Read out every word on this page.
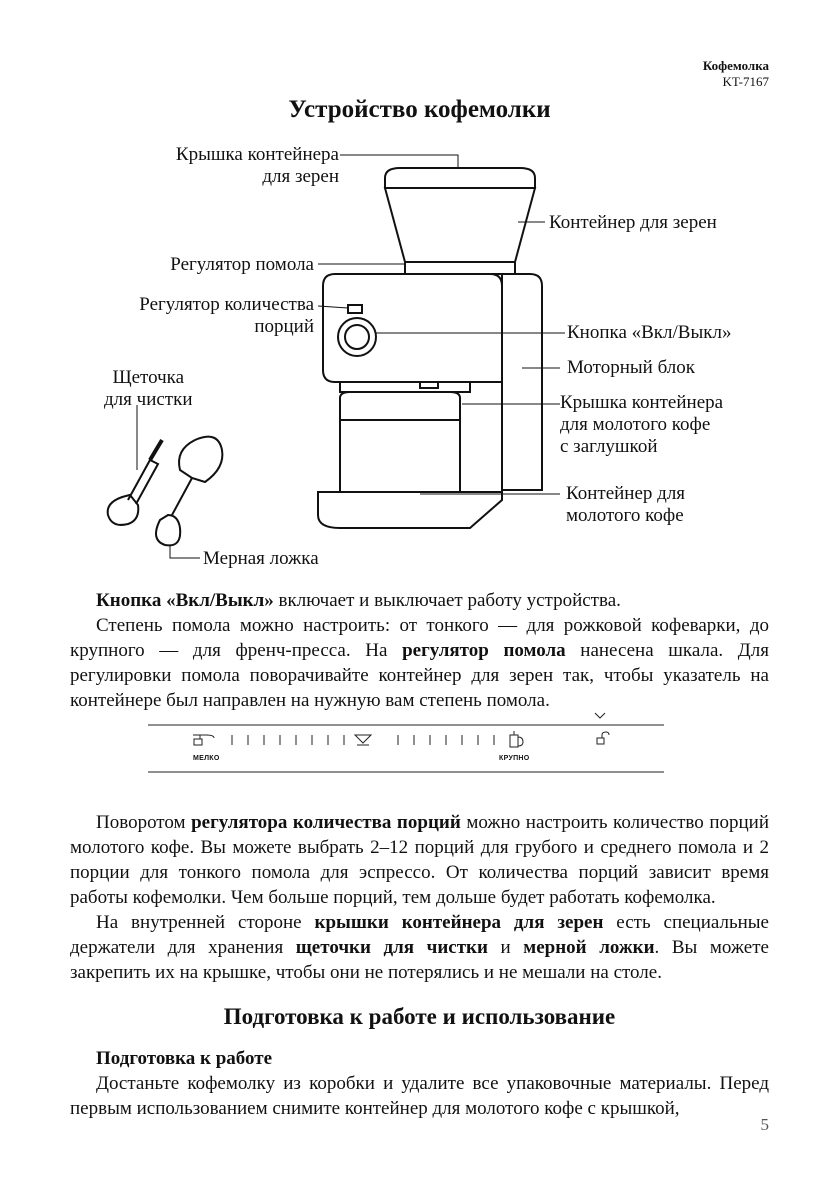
Кофемолка
KT-7167
Устройство кофемолки
Крышка контейнера
для зерен
Контейнер для зерен
Регулятор помола
Регулятор количества
порций
Щеточка
для чистки
Кнопка «Вкл/Выкл»
Моторный блок
Крышка контейнера
для молотого кофе
с заглушкой
Контейнер для
молотого кофе
Мерная ложка

Кнопка «Вкл/Выкл» включает и выключает работу устройства.

Степень помола можно настроить: от тонкого — для рожковой кофеварки, до крупного — для френч-пресса. На регулятор помола нанесена шкала. Для регулировки помола поворачивайте контейнер для зерен так, чтобы указатель на контейнере был направлен на нужную вам степень помола.

МЕЛКО	КРУПНО

Поворотом регулятора количества порций можно настроить количество порций молотого кофе. Вы можете выбрать 2–12 порций для грубого и среднего помола и 2 порции для тонкого помола для эспрессо. От количества порций зависит время работы кофемолки. Чем больше порций, тем дольше будет работать кофемолка.

На внутренней стороне крышки контейнера для зерен есть специальные держатели для хранения щеточки для чистки и мерной ложки. Вы можете закрепить их на крышке, чтобы они не потерялись и не мешали на столе.

Подготовка к работе и использование

Подготовка к работе

Достаньте кофемолку из коробки и удалите все упаковочные материалы. Перед первым использованием снимите контейнер для молотого кофе с крышкой,

5
